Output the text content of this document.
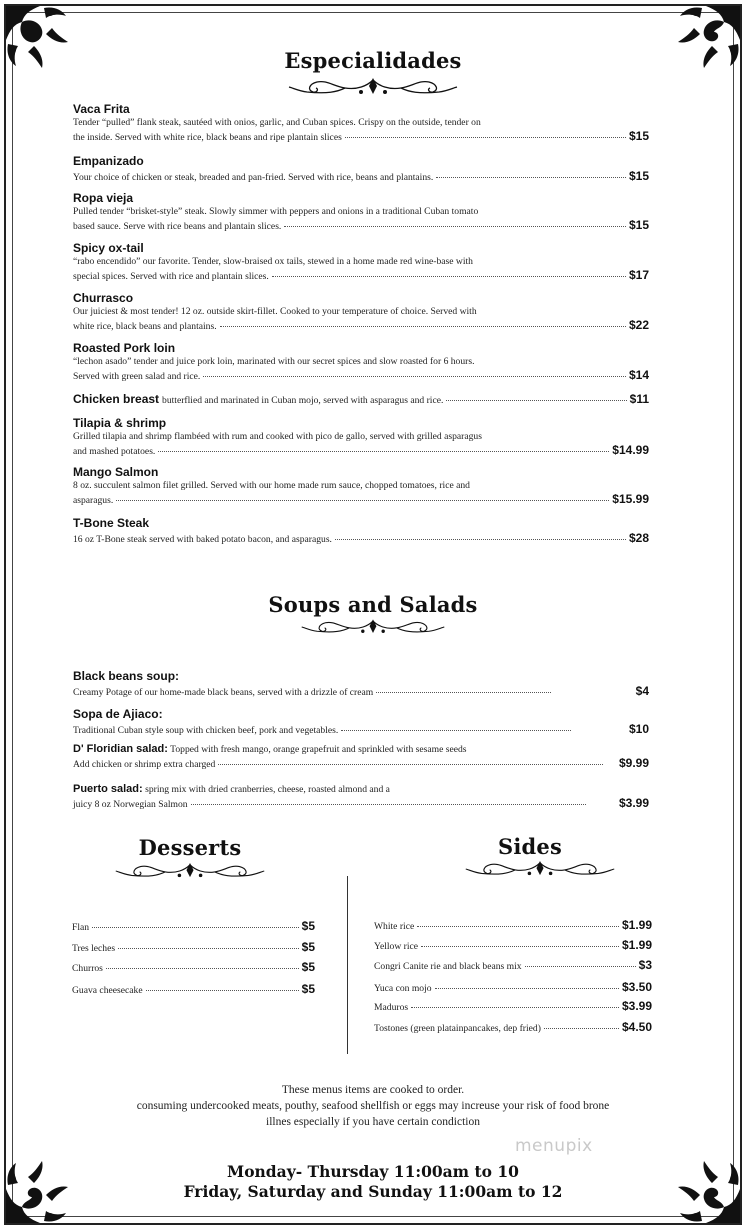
Especialidades
Vaca Frita
Tender “pulled” flank steak, sautéed with onios, garlic, and Cuban spices. Crispy on the outside, tender on
the inside. Served with white rice, black beans and ripe plantain slices	$15
Empanizado
Your choice of chicken or steak, breaded and pan-fried. Served with rice, beans and plantains.	$15
Ropa vieja
Pulled tender “brisket-style” steak. Slowly simmer with peppers and onions in a traditional Cuban tomato
based sauce. Serve with rice beans and plantain slices.	$15
Spicy ox-tail
“rabo encendido” our favorite. Tender, slow-braised ox tails, stewed in a home made red wine-base with
special spices. Served with rice and plantain slices.	$17
Churrasco
Our juiciest & most tender! 12 oz. outside skirt-fillet. Cooked to your temperature of choice. Served with
white rice, black beans and plantains.	$22
Roasted Pork loin
“lechon asado” tender and juice pork loin, marinated with our secret spices and slow roasted for 6 hours.
Served with green salad and rice.	$14
Chicken breast butterflied and marinated in Cuban mojo, served with asparagus and rice.	$11
Tilapia & shrimp
Grilled tilapia and shrimp flambéed with rum and cooked with pico de gallo, served with grilled asparagus
and mashed potatoes.	$14.99
Mango Salmon
8 oz. succulent salmon filet grilled. Served with our home made rum sauce, chopped tomatoes, rice and
asparagus.	$15.99
T-Bone Steak
16 oz T-Bone steak served with baked potato bacon, and asparagus.	$28
Soups and Salads
Black beans soup:
Creamy Potage of our home-made black beans, served with a drizzle of cream	$4
Sopa de Ajiaco:
Traditional Cuban style soup with chicken beef, pork and vegetables.	$10
D' Floridian salad: Topped with fresh mango, orange grapefruit and sprinkled with sesame seeds
Add chicken or shrimp extra charged	$9.99
Puerto salad: spring mix with dried cranberries, cheese, roasted almond and a
juicy 8 oz Norwegian Salmon	$3.99
Desserts	Sides
Flan	$5
Tres leches	$5
Churros	$5
Guava cheesecake	$5
White rice	$1.99
Yellow rice	$1.99
Congri Canite rie and black beans mix	$3
Yuca con mojo	$3.50
Maduros	$3.99
Tostones (green platainpancakes, dep fried)	$4.50
These menus items are cooked to order.
consuming undercooked meats, pouthy, seafood shellfish or eggs may increuse your risk of food brone
illnes especially if you have certain condiction
menupix
Monday- Thursday 11:00am to 10
Friday, Saturday and Sunday 11:00am to 12
